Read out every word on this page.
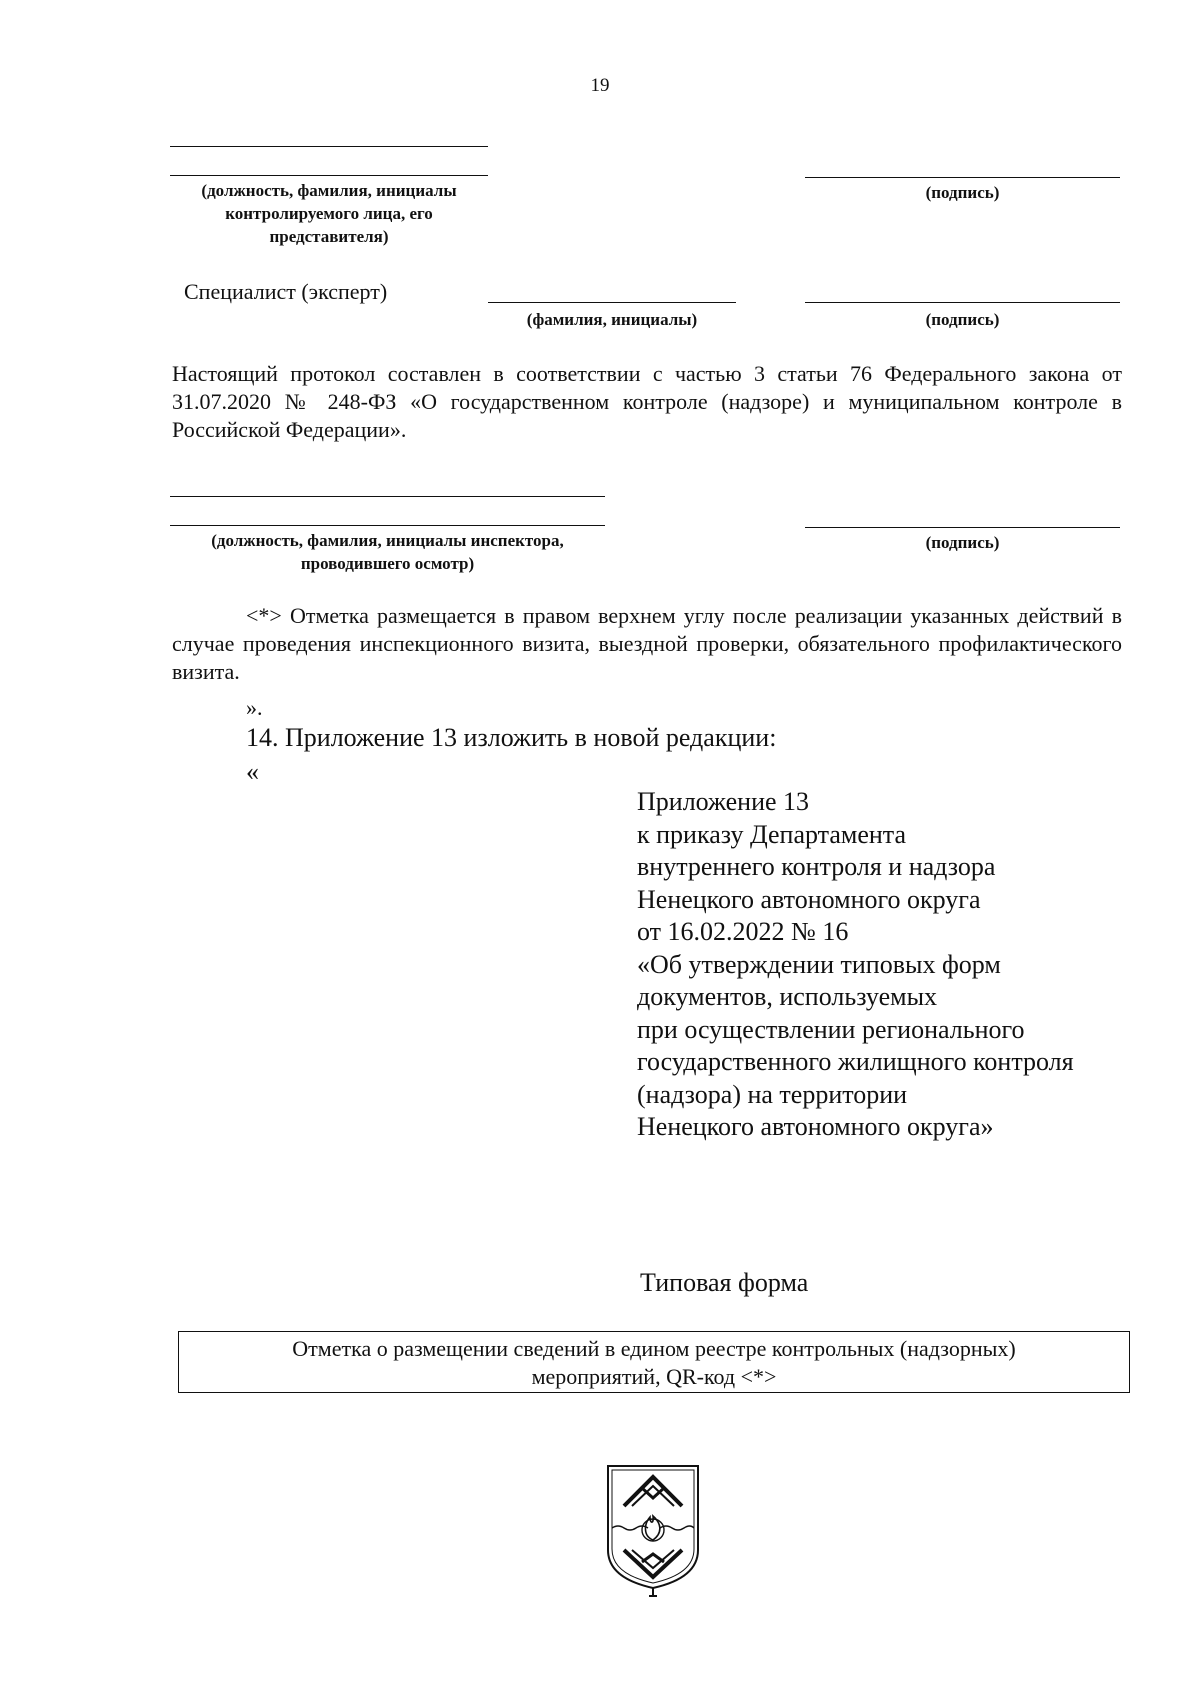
19
(должность, фамилия, инициалы
контролируемого лица, его
представителя)
(подпись)
Специалист (эксперт)
(фамилия, инициалы)	(подпись)
Настоящий протокол составлен в соответствии с частью 3 статьи 76 Федерального закона от 31.07.2020 № 248-ФЗ «О государственном контроле (надзоре) и муниципальном контроле в Российской Федерации».
(должность, фамилия, инициалы инспектора,
проводившего осмотр)
(подпись)
<*> Отметка размещается в правом верхнем углу после реализации указанных действий в случае проведения инспекционного визита, выездной проверки, обязательного профилактического визита.
».
14. Приложение 13 изложить в новой редакции:
«
Приложение 13
к приказу Департамента
внутреннего контроля и надзора
Ненецкого автономного округа
от 16.02.2022 № 16
«Об утверждении типовых форм
документов, используемых
при осуществлении регионального
государственного жилищного контроля
(надзора) на территории
Ненецкого автономного округа»
Типовая форма
Отметка о размещении сведений в едином реестре контрольных (надзорных)
мероприятий, QR-код <*>
